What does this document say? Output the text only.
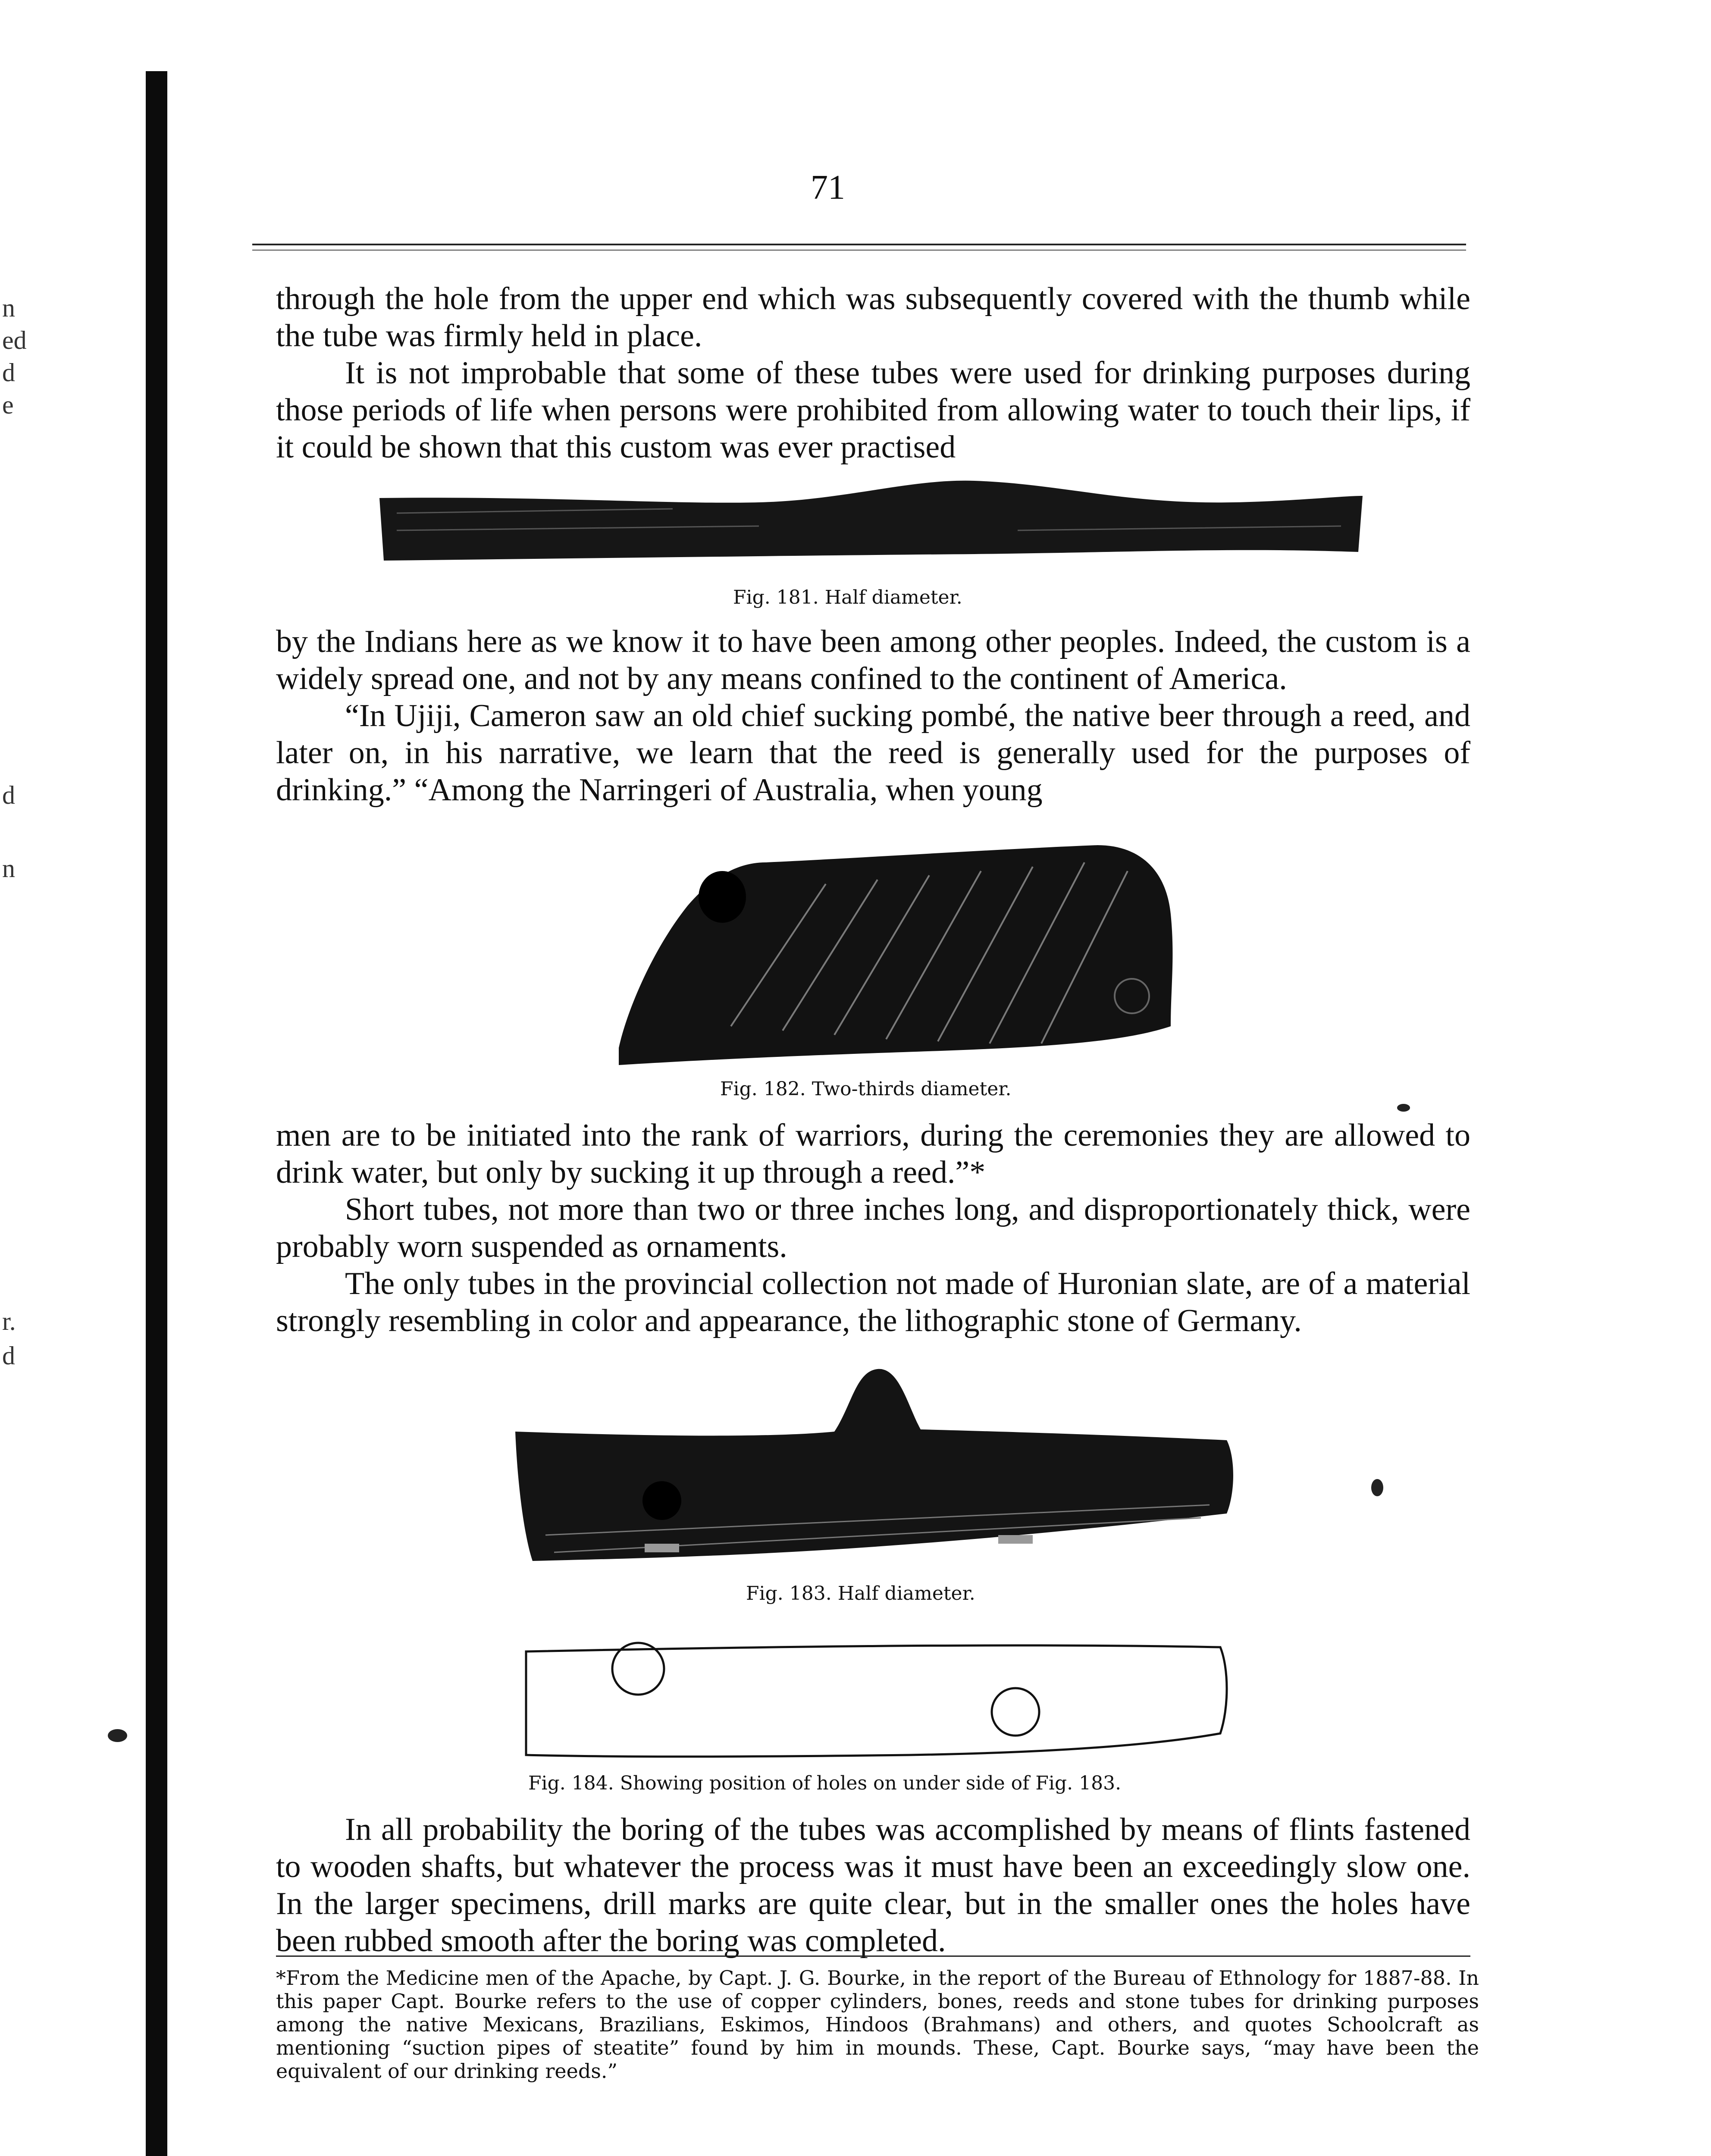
71
n
ed
d
e
d
n
r.
d

through the hole from the upper end which was subsequently covered with the thumb while the tube was firmly held in place.

It is not improbable that some of these tubes were used for drinking purposes during those periods of life when persons were prohibited from allowing water to touch their lips, if it could be shown that this custom was ever practised

Fig. 181. Half diameter.

by the Indians here as we know it to have been among other peoples. Indeed, the custom is a widely spread one, and not by any means confined to the continent of America.

“In Ujiji, Cameron saw an old chief sucking pombé, the native beer through a reed, and later on, in his narrative, we learn that the reed is generally used for the purposes of drinking.” “Among the Narringeri of Australia, when young

Fig. 182. Two-thirds diameter.

men are to be initiated into the rank of warriors, during the ceremonies they are allowed to drink water, but only by sucking it up through a reed.”*

Short tubes, not more than two or three inches long, and disproportionately thick, were probably worn suspended as ornaments.

The only tubes in the provincial collection not made of Huronian slate, are of a material strongly resembling in color and appearance, the lithographic stone of Germany.

Fig. 183. Half diameter.
Fig. 184. Showing position of holes on under side of Fig. 183.

In all probability the boring of the tubes was accomplished by means of flints fastened to wooden shafts, but whatever the process was it must have been an exceedingly slow one. In the larger specimens, drill marks are quite clear, but in the smaller ones the holes have been rubbed smooth after the boring was completed.

*From the Medicine men of the Apache, by Capt. J. G. Bourke, in the report of the Bureau of Ethnology for 1887-88. In this paper Capt. Bourke refers to the use of copper cylinders, bones, reeds and stone tubes for drinking purposes among the native Mexicans, Brazilians, Eskimos, Hindoos (Brahmans) and others, and quotes Schoolcraft as mentioning “suction pipes of steatite” found by him in mounds. These, Capt. Bourke says, “may have been the equivalent of our drinking reeds.”
